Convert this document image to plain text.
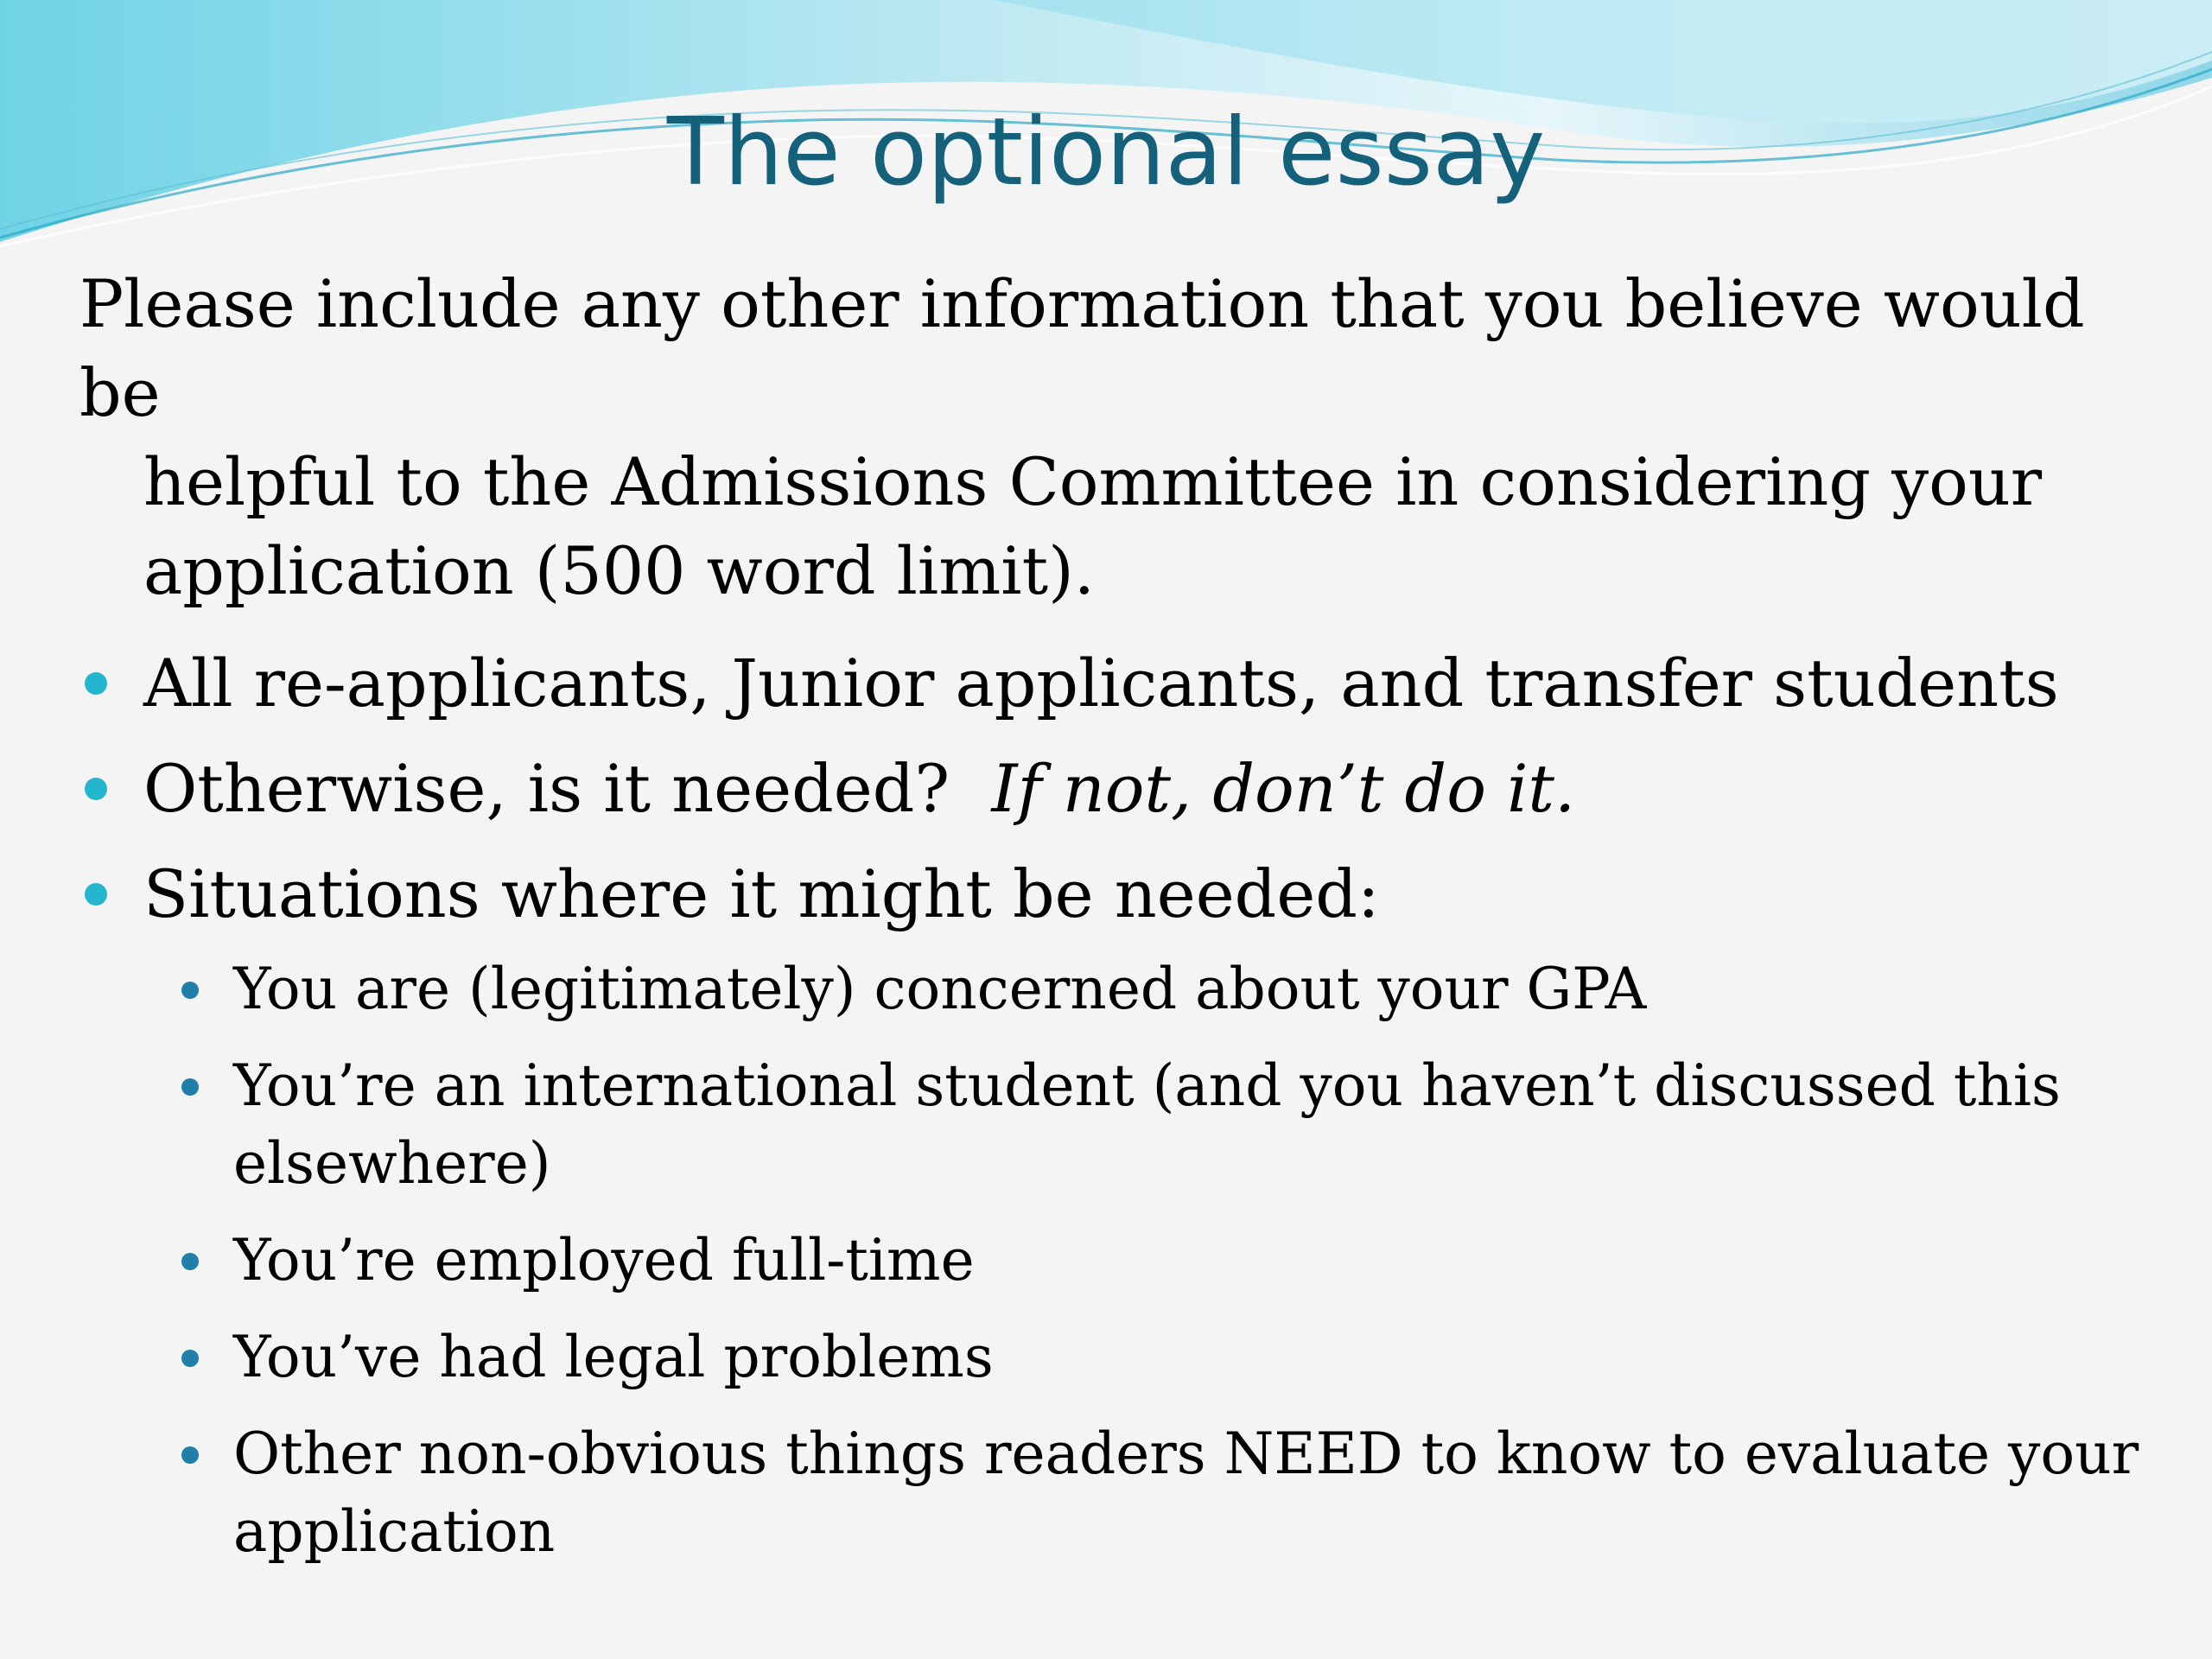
The optional essay

Please include any other information that you believe would be
helpful to the Admissions Committee in considering your
application (500 word limit).

All re-applicants, Junior applicants, and transfer students
Otherwise, is it needed?  If not, don’t do it.
Situations where it might be needed:
You are (legitimately) concerned about your GPA
You’re an international student (and you haven’t discussed this
elsewhere)
You’re employed full-time
You’ve had legal problems
Other non-obvious things readers NEED to know to evaluate your
application
